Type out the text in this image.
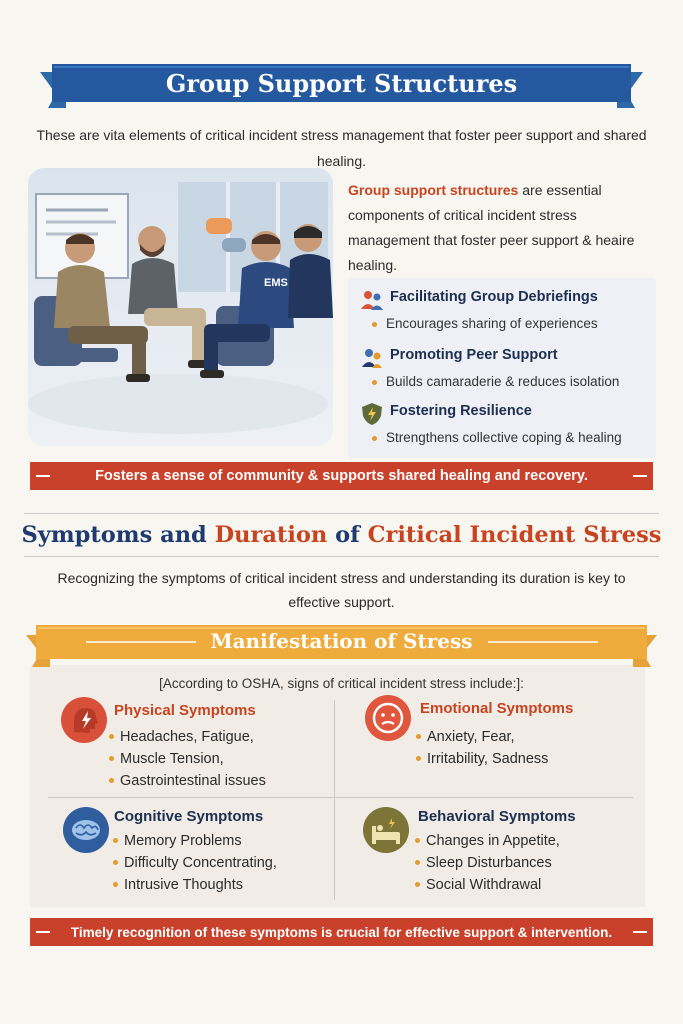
Group Support Structures
These are vita elements of critical incident stress management that foster peer support and shared healing.
EMS
Group support structures are essential components of critical incident stress management that foster peer support & heaire healing.
Facilitating Group Debriefings
Encourages sharing of experiences
Promoting Peer Support
Builds camaraderie & reduces isolation
Fostering Resilience
Strengthens collective coping & healing
Fosters a sense of community & supports shared healing and recovery.
Symptoms and Duration of Critical Incident Stress
Recognizing the symptoms of critical incident stress and understanding its duration is key to effective support.
Manifestation of Stress
[According to OSHA, signs of critical incident stress include:]:
Physical Symptoms
Headaches, Fatigue,
Muscle Tension,
Gastrointestinal issues
Emotional Symptoms
Anxiety, Fear,
Irritability, Sadness
Cognitive Symptoms
Memory Problems
Difficulty Concentrating,
Intrusive Thoughts
Behavioral Symptoms
Changes in Appetite,
Sleep Disturbances
Social Withdrawal
Timely recognition of these symptoms is crucial for effective support & intervention.
